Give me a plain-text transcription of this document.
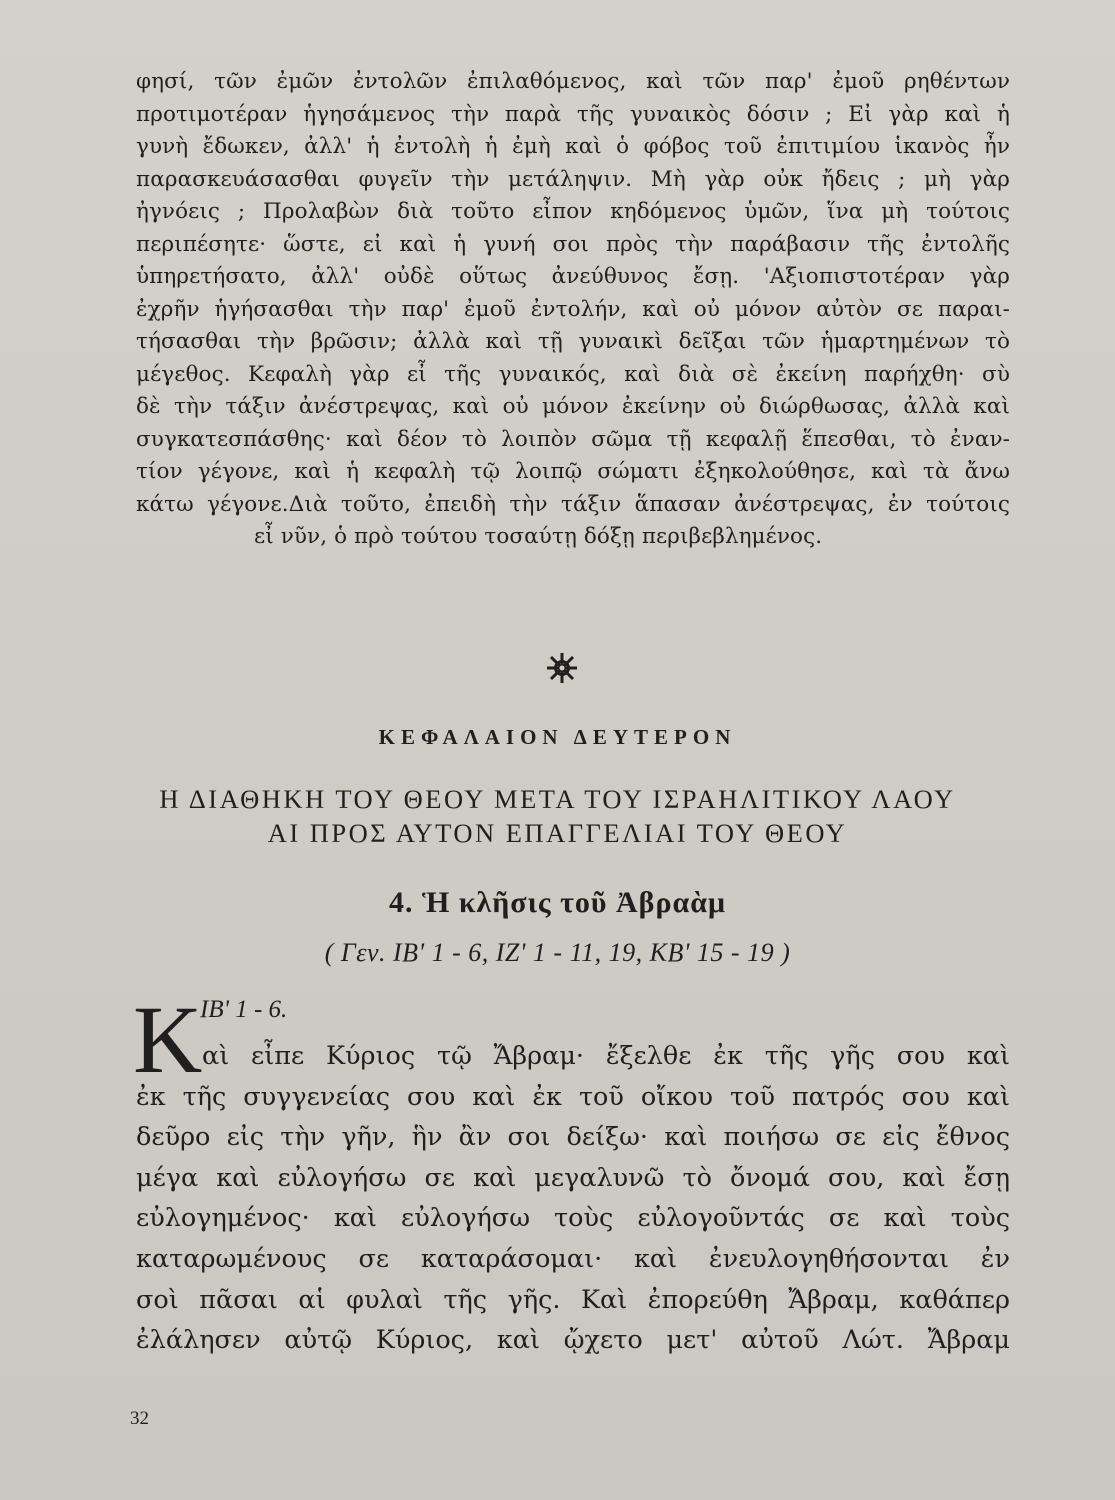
φησί, τῶν ἐμῶν ἐντολῶν ἐπιλαθόμενος, καὶ τῶν παρ' ἐμοῦ ρηθέντων
προτιμοτέραν ἡγησάμενος τὴν παρὰ τῆς γυναικὸς δόσιν ; Εἰ γὰρ καὶ ἡ
γυνὴ ἔδωκεν, ἀλλ' ἡ ἐντολὴ ἡ ἐμὴ καὶ ὁ φόβος τοῦ ἐπιτιμίου ἱκανὸς ἦν
παρασκευάσασθαι φυγεῖν τὴν μετάληψιν. Μὴ γὰρ οὐκ ἤδεις ; μὴ γὰρ
ἠγνόεις ; Προλαβὼν διὰ τοῦτο εἶπον κηδόμενος ὑμῶν, ἵνα μὴ τούτοις
περιπέσητε· ὥστε, εἰ καὶ ἡ γυνή σοι πρὸς τὴν παράβασιν τῆς ἐντολῆς
ὑπηρετήσατο, ἀλλ' οὐδὲ οὕτως ἀνεύθυνος ἔσῃ. 'Αξιοπιστοτέραν γὰρ
ἐχρῆν ἡγήσασθαι τὴν παρ' ἐμοῦ ἐντολήν, καὶ οὐ μόνον αὐτὸν σε παραι-
τήσασθαι τὴν βρῶσιν; ἀλλὰ καὶ τῇ γυναικὶ δεῖξαι τῶν ἡμαρτημένων τὸ
μέγεθος. Κεφαλὴ γὰρ εἶ τῆς γυναικός, καὶ διὰ σὲ ἐκείνη παρήχθη· σὺ
δὲ τὴν τάξιν ἀνέστρεψας, καὶ οὐ μόνον ἐκείνην οὐ διώρθωσας, ἀλλὰ καὶ
συγκατεσπάσθης· καὶ δέον τὸ λοιπὸν σῶμα τῇ κεφαλῇ ἕπεσθαι, τὸ ἐναν-
τίον γέγονε, καὶ ἡ κεφαλὴ τῷ λοιπῷ σώματι ἐξηκολούθησε, καὶ τὰ ἄνω
κάτω γέγονε.Διὰ τοῦτο, ἐπειδὴ τὴν τάξιν ἅπασαν ἀνέστρεψας, ἐν τούτοις
εἶ νῦν, ὁ πρὸ τούτου τοσαύτῃ δόξῃ περιβεβλημένος.
ΚΕΦΑΛΑΙΟΝ ΔΕΥΤΕΡΟΝ
Η ΔΙΑΘΗΚΗ ΤΟΥ ΘΕΟΥ ΜΕΤΑ ΤΟΥ ΙΣΡΑΗΛΙΤΙΚΟΥ ΛΑΟΥ
ΑΙ ΠΡΟΣ ΑΥΤΟΝ ΕΠΑΓΓΕΛΙΑΙ ΤΟΥ ΘΕΟΥ
4. Ἡ κλῆσις τοῦ Ἀβραὰμ
( Γεν. ΙΒ' 1 - 6, ΙΖ' 1 - 11, 19, ΚΒ' 15 - 19 )
Κ
ΙΒ' 1 - 6.
αὶ εἶπε Κύριος τῷ Ἄβραμ· ἔξελθε ἐκ τῆς γῆς σου καὶ
ἐκ τῆς συγγενείας σου καὶ ἐκ τοῦ οἴκου τοῦ πατρός σου καὶ
δεῦρο εἰς τὴν γῆν, ἣν ἂν σοι δείξω· καὶ ποιήσω σε εἰς ἔθνος
μέγα καὶ εὐλογήσω σε καὶ μεγαλυνῶ τὸ ὄνομά σου, καὶ ἔσῃ
εὐλογημένος· καὶ εὐλογήσω τοὺς εὐλογοῦντάς σε καὶ τοὺς
καταρωμένους σε καταράσομαι· καὶ ἐνευλογηθήσονται ἐν
σοὶ πᾶσαι αἱ φυλαὶ τῆς γῆς. Καὶ ἐπορεύθη Ἄβραμ, καθάπερ
ἐλάλησεν αὐτῷ Κύριος, καὶ ᾤχετο μετ' αὐτοῦ Λώτ. Ἄβραμ
32
